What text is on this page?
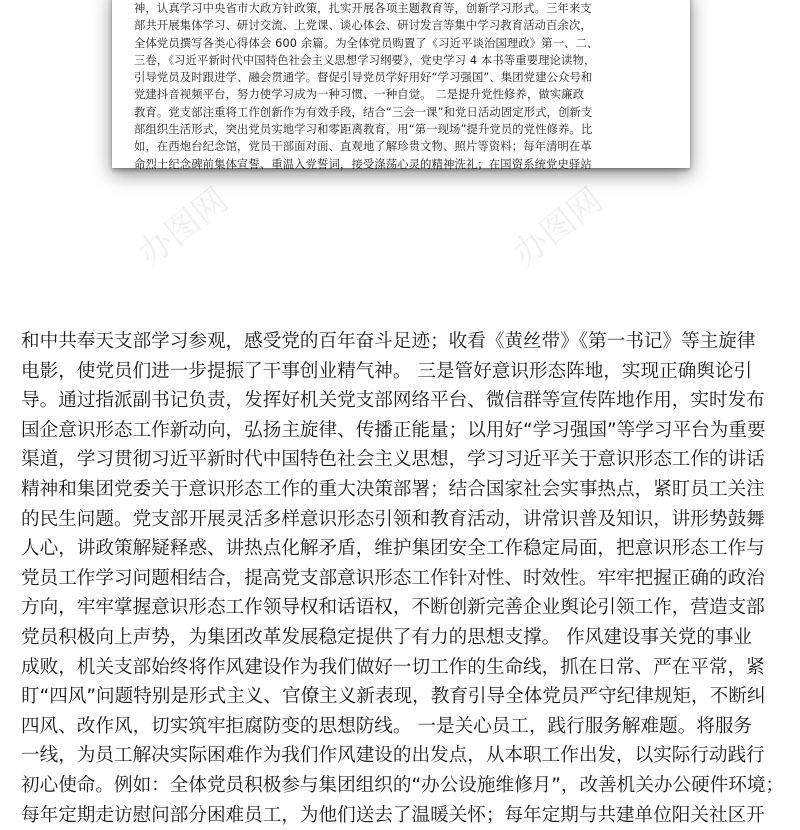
神，认真学习中央省市大政方针政策，扎实开展各项主题教育等，创新学习形式。三年来支
部共开展集体学习、研讨交流、上党课、谈心体会、研讨发言等集中学习教育活动百余次，
全体党员撰写各类心得体会 600 余篇。为全体党员购置了《习近平谈治国理政》第一、二、
三卷，《习近平新时代中国特色社会主义思想学习纲要》，党史学习 4 本书等重要理论读物，
引导党员及时跟进学、融会贯通学。督促引导党员学好用好“学习强国”、集团党建公众号和
党建抖音视频平台，努力使学习成为一种习惯、一种自觉。 二是提升党性修养，做实廉政
教育。党支部注重将工作创新作为有效手段，结合“三会一课”和党日活动固定形式，创新支
部组织生活形式，突出党员实地学习和零距离教育，用“第一现场”提升党员的党性修养。比
如，在西炮台纪念馆，党员干部面对面、直观地了解珍贵文物、照片等资料；每年清明在革
命烈士纪念碑前集体宣誓、重温入党誓词，接受涤荡心灵的精神洗礼；在国资系统党史驿站
办图网	办图网
和中共奉天支部学习参观，感受党的百年奋斗足迹；收看《黄丝带》《第一书记》等主旋律
电影，使党员们进一步提振了干事创业精气神。 三是管好意识形态阵地，实现正确舆论引
导。通过指派副书记负责，发挥好机关党支部网络平台、微信群等宣传阵地作用，实时发布
国企意识形态工作新动向，弘扬主旋律、传播正能量；以用好“学习强国”等学习平台为重要
渠道，学习贯彻习近平新时代中国特色社会主义思想，学习习近平关于意识形态工作的讲话
精神和集团党委关于意识形态工作的重大决策部署；结合国家社会实事热点，紧盯员工关注
的民生问题。党支部开展灵活多样意识形态引领和教育活动，讲常识普及知识，讲形势鼓舞
人心，讲政策解疑释惑、讲热点化解矛盾，维护集团安全工作稳定局面，把意识形态工作与
党员工作学习问题相结合，提高党支部意识形态工作针对性、时效性。牢牢把握正确的政治
方向，牢牢掌握意识形态工作领导权和话语权，不断创新完善企业舆论引领工作，营造支部
党员积极向上声势，为集团改革发展稳定提供了有力的思想支撑。 作风建设事关党的事业
成败，机关支部始终将作风建设作为我们做好一切工作的生命线，抓在日常、严在平常，紧
盯“四风”问题特别是形式主义、官僚主义新表现，教育引导全体党员严守纪律规矩，不断纠
四风、改作风，切实筑牢拒腐防变的思想防线。 一是关心员工，践行服务解难题。将服务
一线，为员工解决实际困难作为我们作风建设的出发点，从本职工作出发，以实际行动践行
初心使命。例如：全体党员积极参与集团组织的“办公设施维修月”，改善机关办公硬件环境；
每年定期走访慰问部分困难员工，为他们送去了温暖关怀；每年定期与共建单位阳关社区开
